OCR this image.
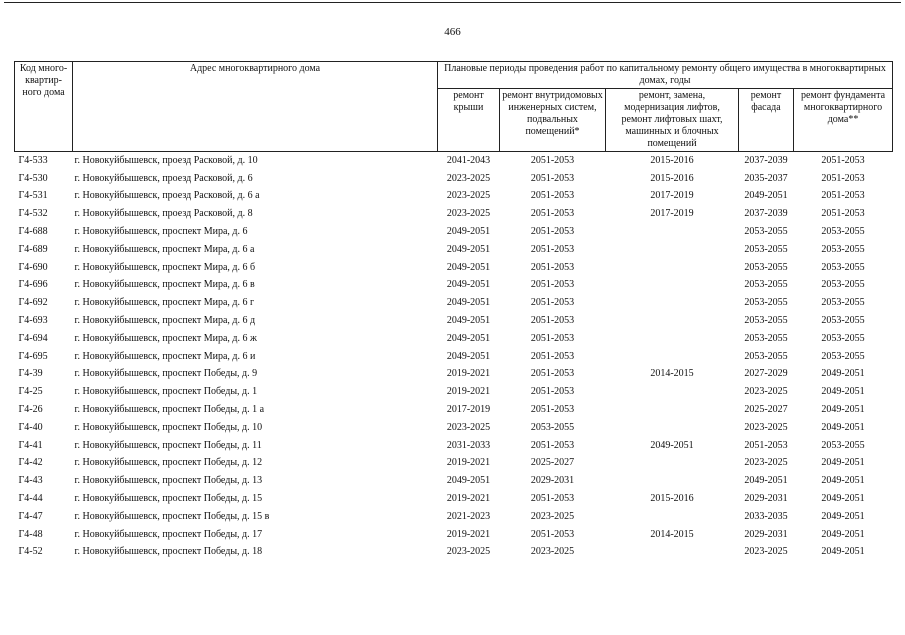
466
Код много-квартир-ного дома	Адрес многоквартирного дома	Плановые периоды проведения работ по капитальному ремонту общего имущества в многоквартирных домах, годы				
		ремонт крыши	ремонт внутридомовых инженерных систем, подвальных помещений*	ремонт, замена, модернизация лифтов, ремонт лифтовых шахт, машинных и блочных помещений	ремонт фасада	ремонт фундамента многоквартирного дома**
Г4-533	г. Новокуйбышевск, проезд Расковой, д. 10	2041-2043	2051-2053	2015-2016	2037-2039	2051-2053
Г4-530	г. Новокуйбышевск, проезд Расковой, д. 6	2023-2025	2051-2053	2015-2016	2035-2037	2051-2053
Г4-531	г. Новокуйбышевск, проезд Расковой, д. 6 а	2023-2025	2051-2053	2017-2019	2049-2051	2051-2053
Г4-532	г. Новокуйбышевск, проезд Расковой, д. 8	2023-2025	2051-2053	2017-2019	2037-2039	2051-2053
Г4-688	г. Новокуйбышевск, проспект Мира, д. 6	2049-2051	2051-2053		2053-2055	2053-2055
Г4-689	г. Новокуйбышевск, проспект Мира, д. 6 а	2049-2051	2051-2053		2053-2055	2053-2055
Г4-690	г. Новокуйбышевск, проспект Мира, д. 6 б	2049-2051	2051-2053		2053-2055	2053-2055
Г4-696	г. Новокуйбышевск, проспект Мира, д. 6 в	2049-2051	2051-2053		2053-2055	2053-2055
Г4-692	г. Новокуйбышевск, проспект Мира, д. 6 г	2049-2051	2051-2053		2053-2055	2053-2055
Г4-693	г. Новокуйбышевск, проспект Мира, д. 6 д	2049-2051	2051-2053		2053-2055	2053-2055
Г4-694	г. Новокуйбышевск, проспект Мира, д. 6 ж	2049-2051	2051-2053		2053-2055	2053-2055
Г4-695	г. Новокуйбышевск, проспект Мира, д. 6 и	2049-2051	2051-2053		2053-2055	2053-2055
Г4-39	г. Новокуйбышевск, проспект Победы, д. 9	2019-2021	2051-2053	2014-2015	2027-2029	2049-2051
Г4-25	г. Новокуйбышевск, проспект Победы, д. 1	2019-2021	2051-2053		2023-2025	2049-2051
Г4-26	г. Новокуйбышевск, проспект Победы, д. 1 а	2017-2019	2051-2053		2025-2027	2049-2051
Г4-40	г. Новокуйбышевск, проспект Победы, д. 10	2023-2025	2053-2055		2023-2025	2049-2051
Г4-41	г. Новокуйбышевск, проспект Победы, д. 11	2031-2033	2051-2053	2049-2051	2051-2053	2053-2055
Г4-42	г. Новокуйбышевск, проспект Победы, д. 12	2019-2021	2025-2027		2023-2025	2049-2051
Г4-43	г. Новокуйбышевск, проспект Победы, д. 13	2049-2051	2029-2031		2049-2051	2049-2051
Г4-44	г. Новокуйбышевск, проспект Победы, д. 15	2019-2021	2051-2053	2015-2016	2029-2031	2049-2051
Г4-47	г. Новокуйбышевск, проспект Победы, д. 15 в	2021-2023	2023-2025		2033-2035	2049-2051
Г4-48	г. Новокуйбышевск, проспект Победы, д. 17	2019-2021	2051-2053	2014-2015	2029-2031	2049-2051
Г4-52	г. Новокуйбышевск, проспект Победы, д. 18	2023-2025	2023-2025		2023-2025	2049-2051
